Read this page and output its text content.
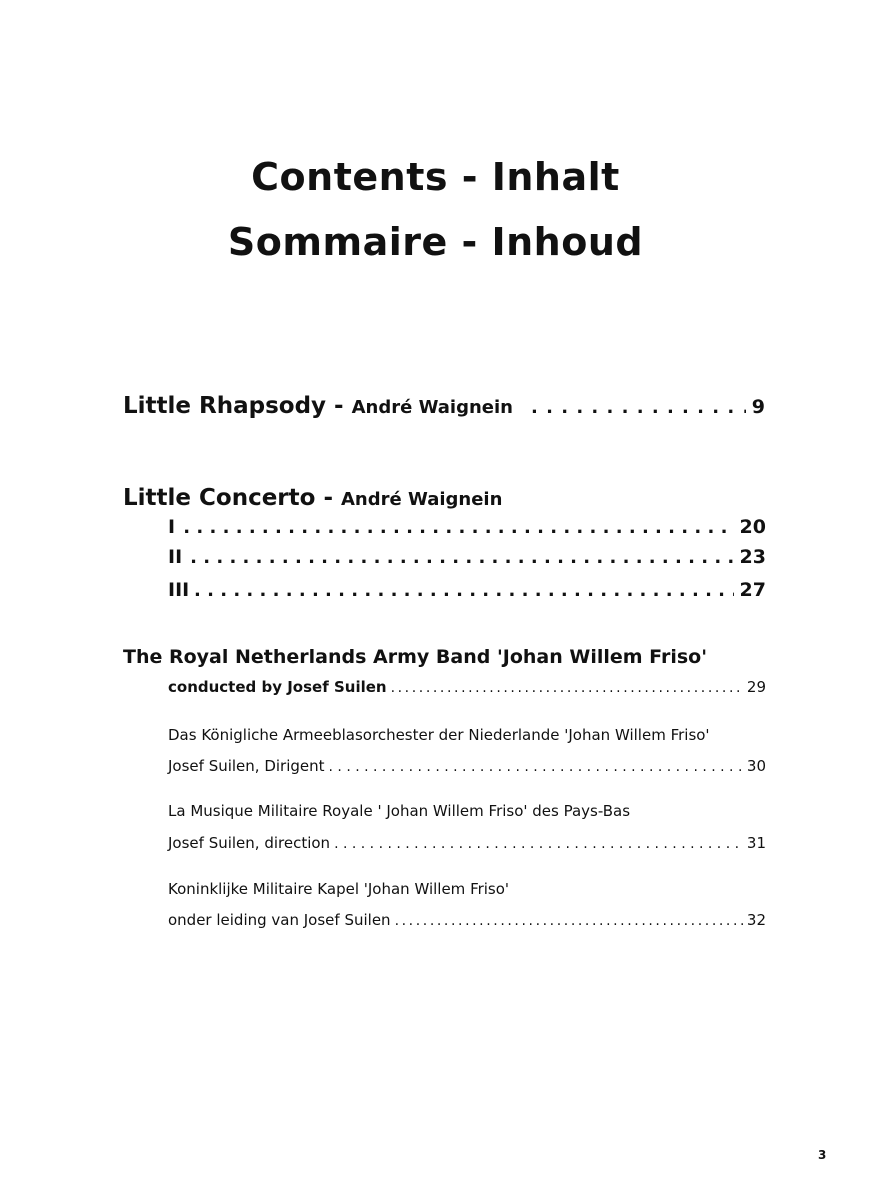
Contents - Inhalt
Sommaire - Inhoud
Little Rhapsody - André Waignein . . .	9
Little Concerto - André Waignein
I . . .	20
II . . .	23
III . . .	27
The Royal Netherlands Army Band 'Johan Willem Friso'
conducted by Josef Suilen .....	29
Das Königliche Armeeblasorchester der Niederlande 'Johan Willem Friso'
Josef Suilen, Dirigent . . .	30
La Musique Militaire Royale ' Johan Willem Friso' des Pays-Bas
Josef Suilen, direction . . .	31
Koninklijke Militaire Kapel 'Johan Willem Friso'
onder leiding van Josef Suilen .....	32
3
